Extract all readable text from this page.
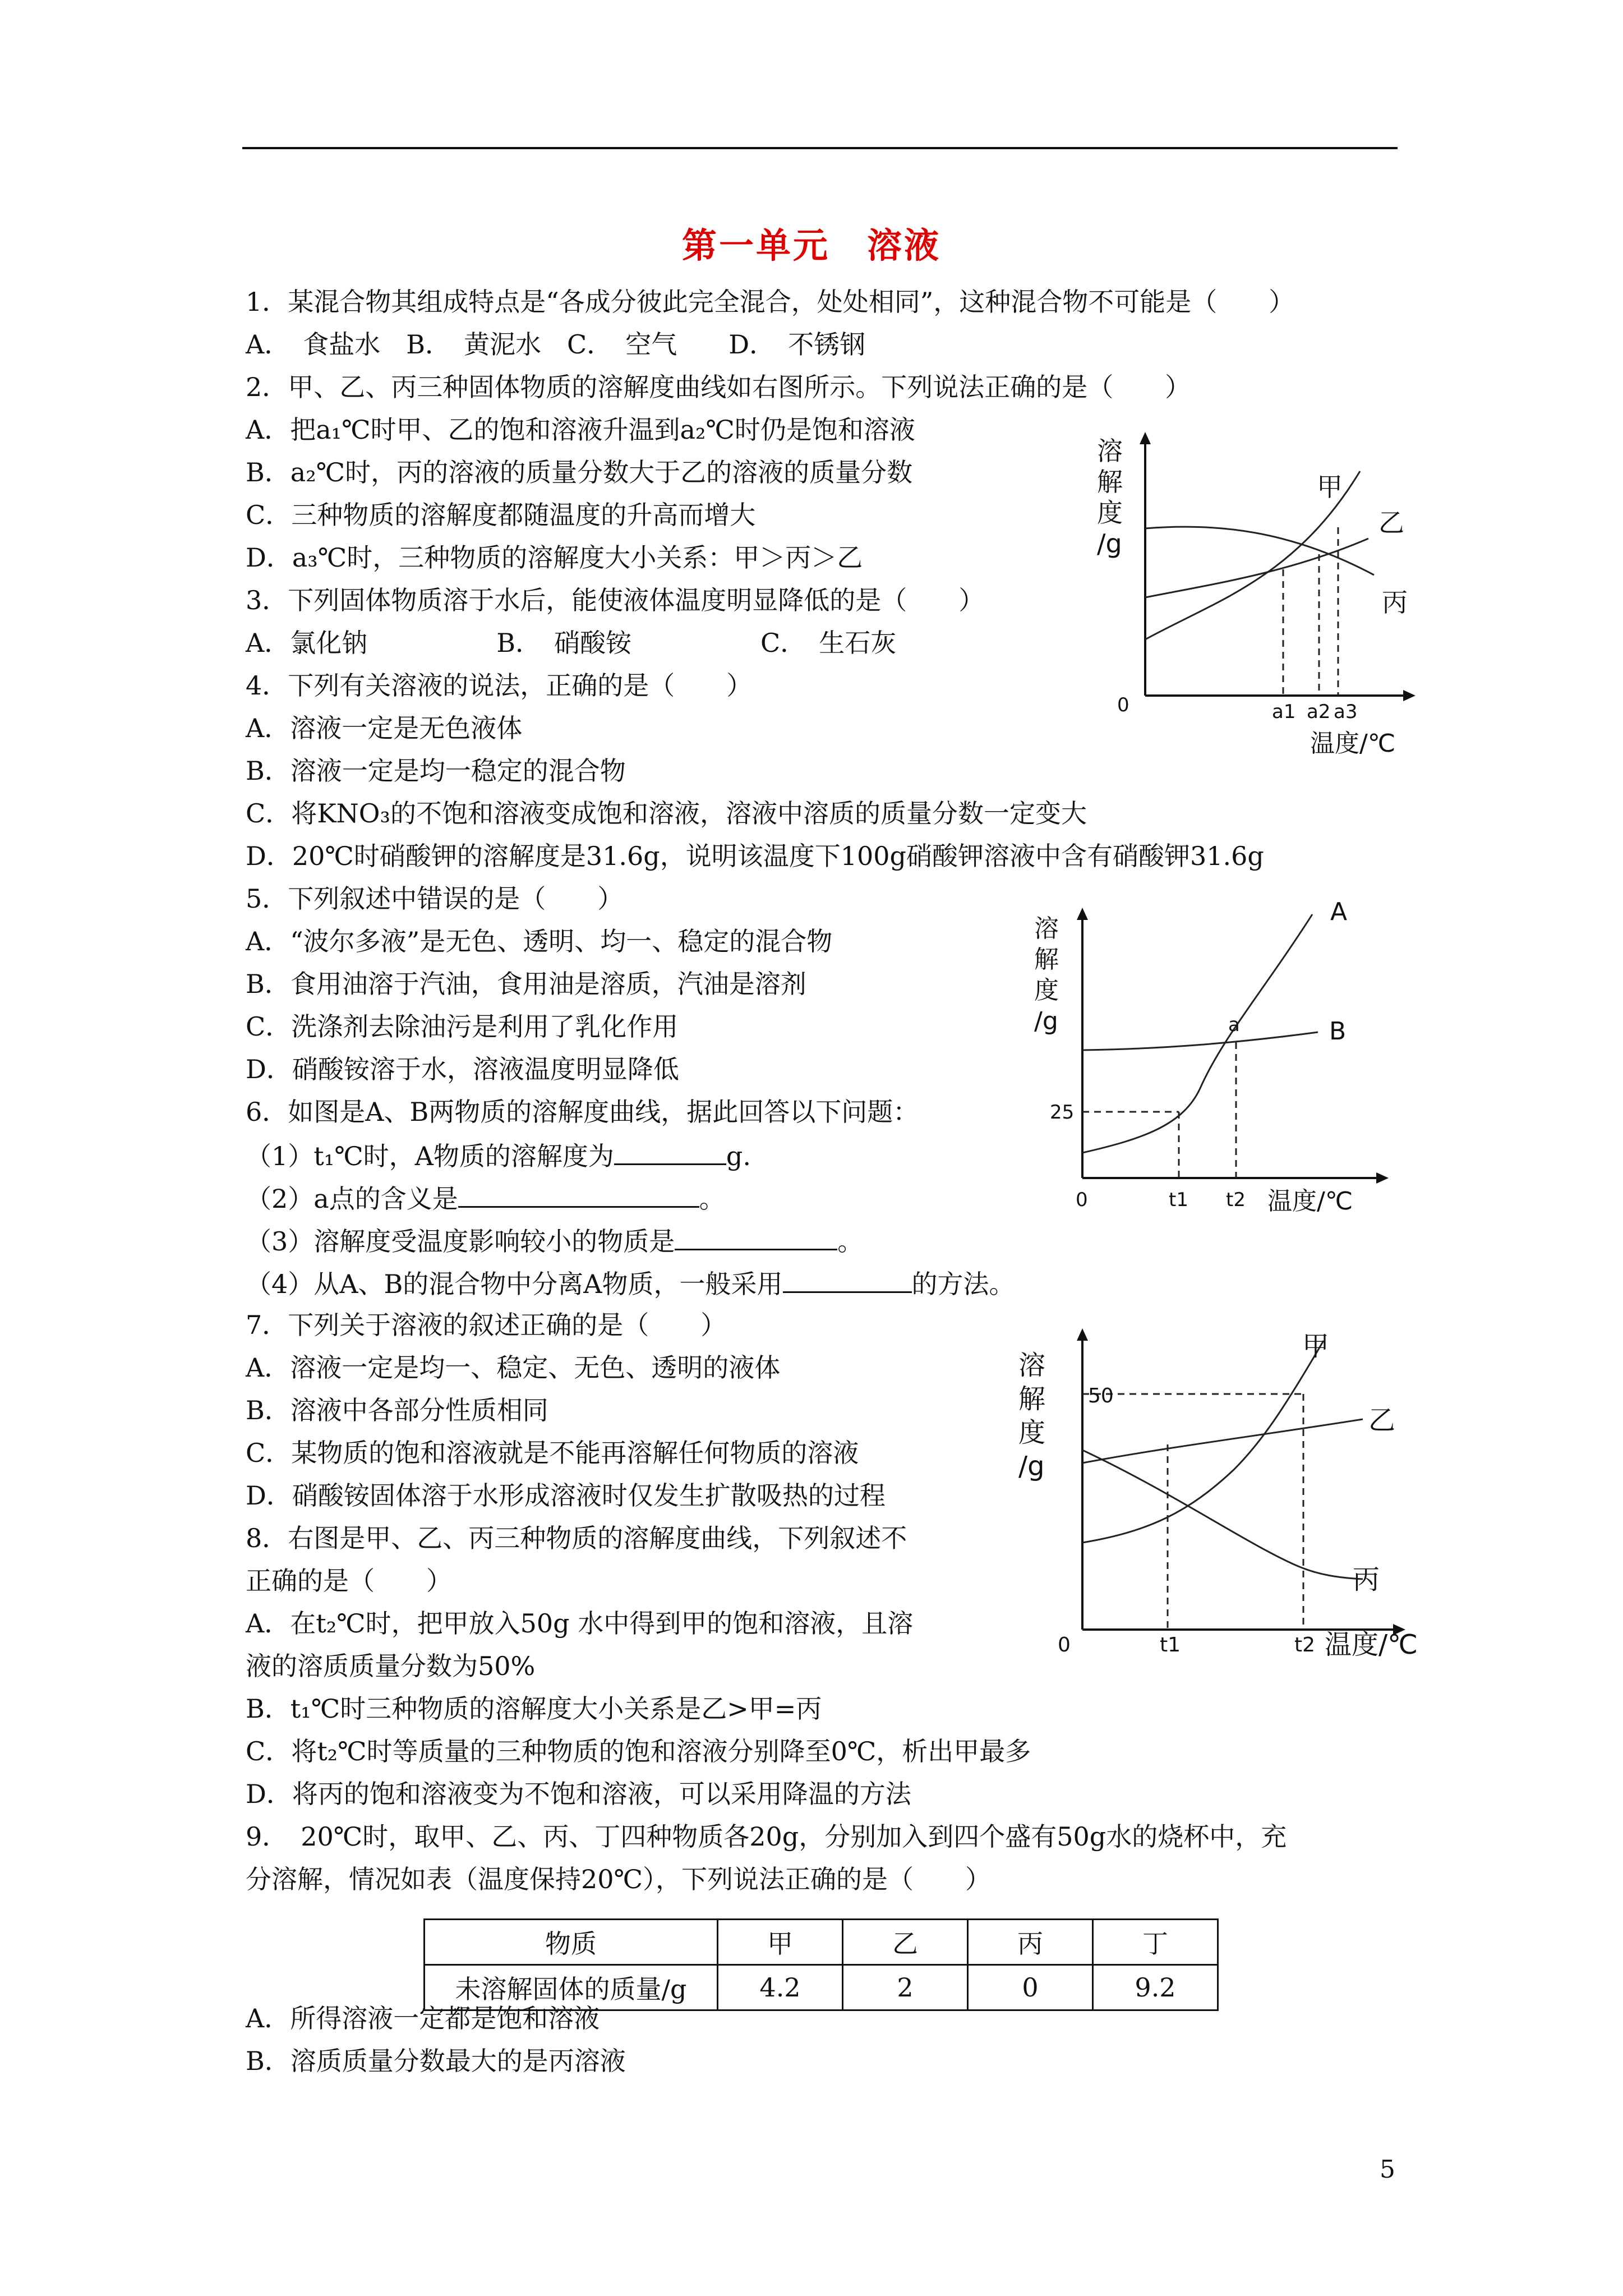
第一单元　溶液
1．某混合物其组成特点是“各成分彼此完全混合，处处相同”，这种混合物不可能是（　　）
A．　食盐水　B．　黄泥水　C．　空气　　D．　不锈钢
2．甲、乙、丙三种固体物质的溶解度曲线如右图所示。下列说法正确的是（　　）
A．把a₁℃时甲、乙的饱和溶液升温到a₂℃时仍是饱和溶液
B．a₂℃时，丙的溶液的质量分数大于乙的溶液的质量分数
C．三种物质的溶解度都随温度的升高而增大
D．a₃℃时，三种物质的溶解度大小关系：甲＞丙＞乙
3．下列固体物质溶于水后，能使液体温度明显降低的是（　　）
A．氯化钠　　　　　B．　硝酸铵　　　　　C．　生石灰
4．下列有关溶液的说法，正确的是（　　）
A．溶液一定是无色液体
B．溶液一定是均一稳定的混合物
C．将KNO₃的不饱和溶液变成饱和溶液，溶液中溶质的质量分数一定变大
D．20℃时硝酸钾的溶解度是31.6g，说明该温度下100g硝酸钾溶液中含有硝酸钾31.6g
5．下列叙述中错误的是（　　）
A．“波尔多液”是无色、透明、均一、稳定的混合物
B．食用油溶于汽油，食用油是溶质，汽油是溶剂
C．洗涤剂去除油污是利用了乳化作用
D．硝酸铵溶于水，溶液温度明显降低
6．如图是A、B两物质的溶解度曲线，据此回答以下问题：
（1）t₁℃时，A物质的溶解度为	g.
（2）a点的含义是	。
（3）溶解度受温度影响较小的物质是	。
（4）从A、B的混合物中分离A物质，一般采用	的方法。
7．下列关于溶液的叙述正确的是（　　）
A．溶液一定是均一、稳定、无色、透明的液体
B．溶液中各部分性质相同
C．某物质的饱和溶液就是不能再溶解任何物质的溶液
D．硝酸铵固体溶于水形成溶液时仅发生扩散吸热的过程
8．右图是甲、乙、丙三种物质的溶解度曲线，下列叙述不
正确的是（　　）
A．在t₂℃时，把甲放入50g 水中得到甲的饱和溶液，且溶
液的溶质质量分数为50%
B．t₁℃时三种物质的溶解度大小关系是乙>甲=丙
C．将t₂℃时等质量的三种物质的饱和溶液分别降至0℃，析出甲最多
D．将丙的饱和溶液变为不饱和溶液，可以采用降温的方法
9．　20℃时，取甲、乙、丙、丁四种物质各20g，分别加入到四个盛有50g水的烧杯中，充
分溶解，情况如表（温度保持20℃），下列说法正确的是（　　）
物质	甲	乙	丙	丁
未溶解固体的质量/g	4.2	2	0	9.2
A．所得溶液一定都是饱和溶液
B．溶质质量分数最大的是丙溶液
溶
解
度
/g
甲
乙
丙
0	a1 a2 a3
温度/℃
溶
解
度
/g
A
B
25
a
0	t1 t2 温度/℃
溶
解
度
/g
甲
乙
丙
50
0	t1	t2 温度/℃
5
